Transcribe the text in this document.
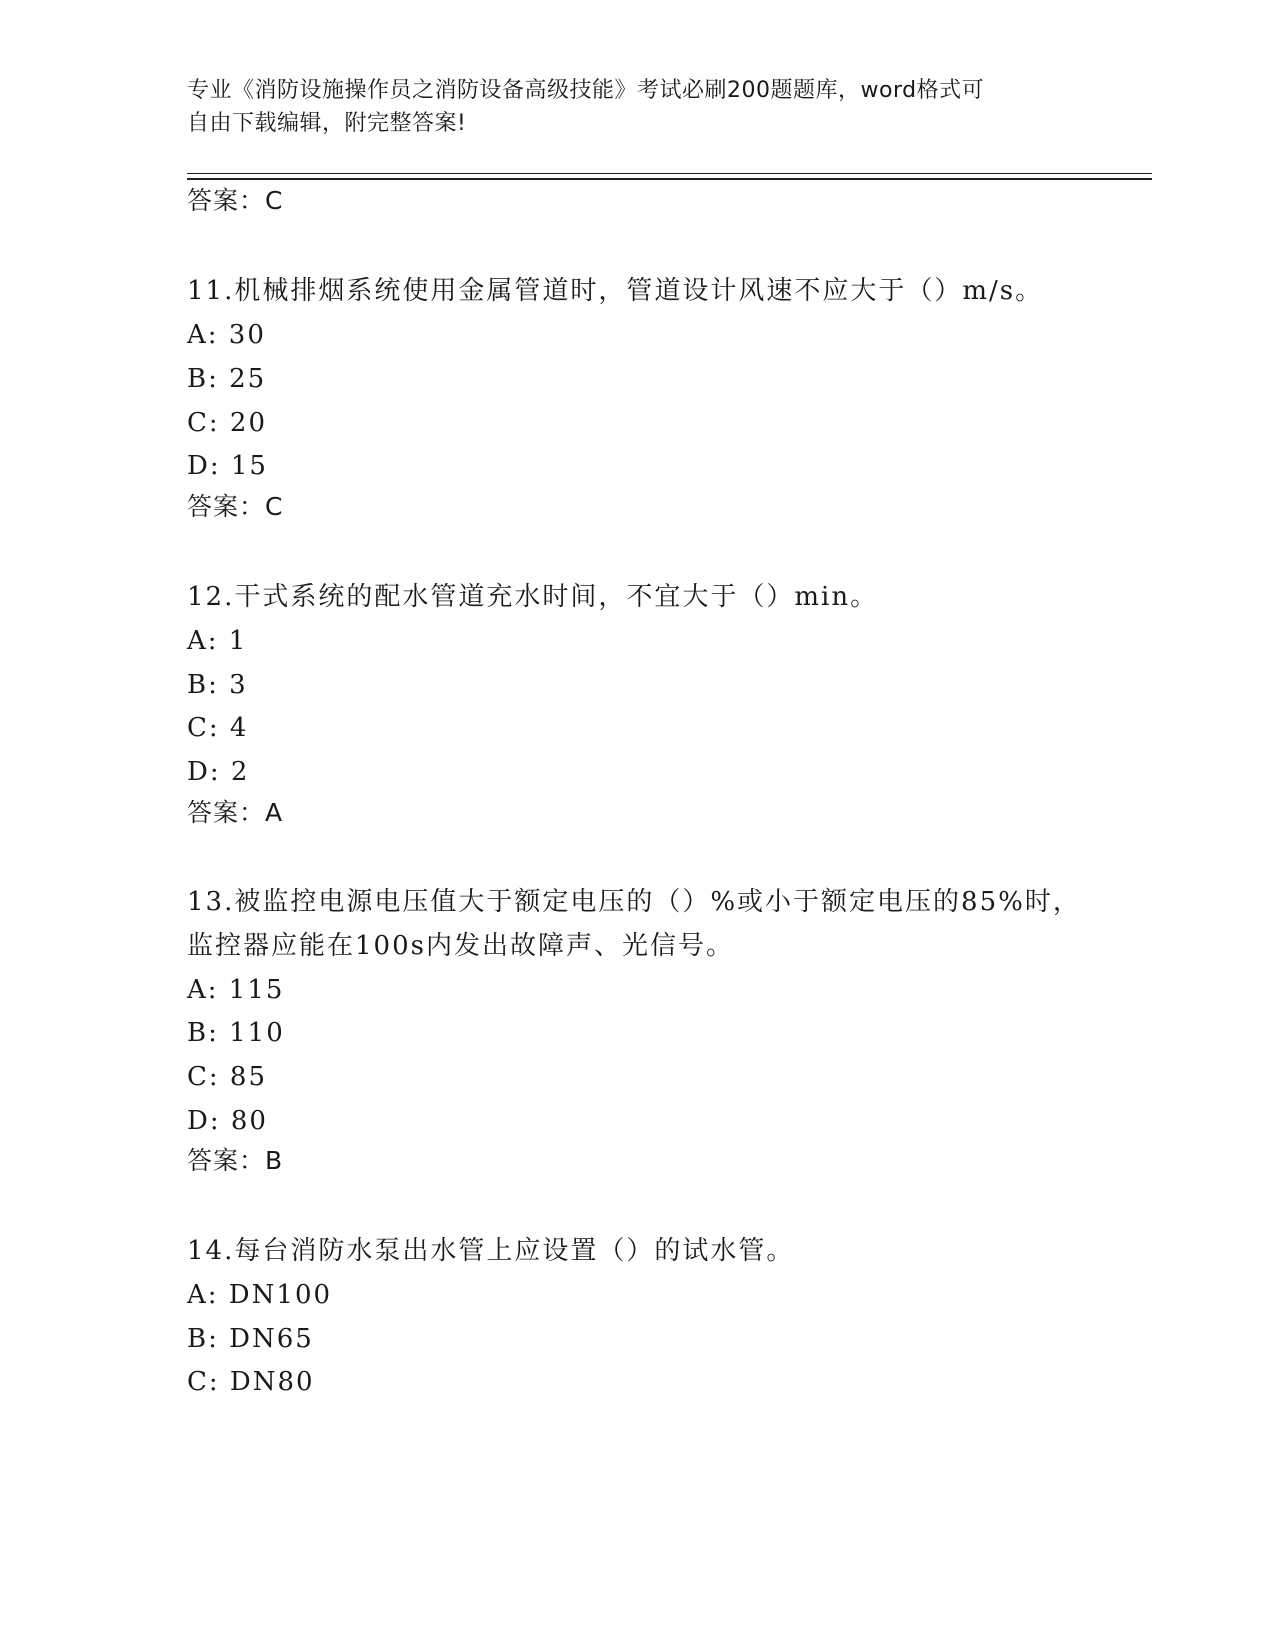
专业《消防设施操作员之消防设备高级技能》考试必刷200题题库，word格式可
自由下载编辑，附完整答案!
答案：C
11.机械排烟系统使用金属管道时，管道设计风速不应大于（）m/s。
A: 30
B: 25
C: 20
D: 15
答案：C
12.干式系统的配水管道充水时间，不宜大于（）min。
A: 1
B: 3
C: 4
D: 2
答案：A
13.被监控电源电压值大于额定电压的（）%或小于额定电压的85%时，
监控器应能在100s内发出故障声、光信号。
A: 115
B: 110
C: 85
D: 80
答案：B
14.每台消防水泵出水管上应设置（）的试水管。
A: DN100
B: DN65
C: DN80
